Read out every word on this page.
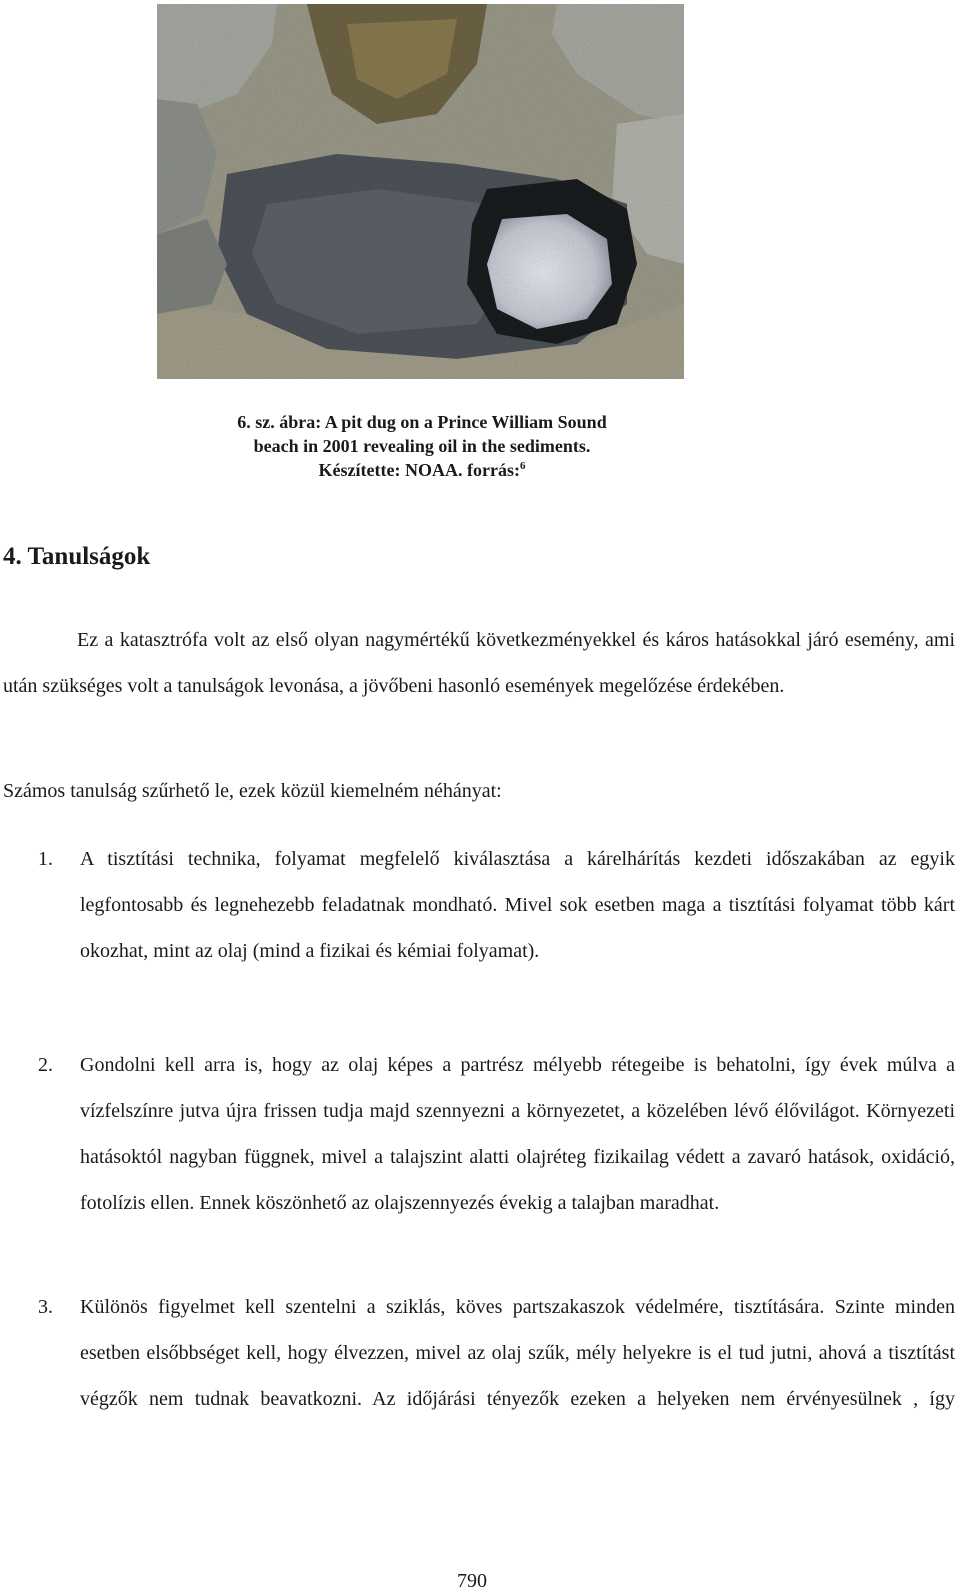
6. sz. ábra: A pit dug on a Prince William Sound
beach in 2001 revealing oil in the sediments.
Készítette: NOAA. forrás:$^6$
4. Tanulságok

Ez a katasztrófa volt az első olyan nagymértékű következményekkel és káros hatásokkal járó esemény, ami után szükséges volt a tanulságok levonása, a jövőbeni hasonló események megelőzése érdekében.

Számos tanulság szűrhető le, ezek közül kiemelném néhányat:

1. A tisztítási technika, folyamat megfelelő kiválasztása a kárelhárítás kezdeti időszakában az egyik legfontosabb és legnehezebb feladatnak mondható. Mivel sok esetben maga a tisztítási folyamat több kárt okozhat, mint az olaj (mind a fizikai és kémiai folyamat).

2. Gondolni kell arra is, hogy az olaj képes a partrész mélyebb rétegeibe is behatolni, így évek múlva a vízfelszínre jutva újra frissen tudja majd szennyezni a környezetet, a közelében lévő élővilágot. Környezeti hatásoktól nagyban függnek, mivel a talajszint alatti olajréteg fizikailag védett a zavaró hatások, oxidáció, fotolízis ellen. Ennek köszönhető az olajszennyezés évekig a talajban maradhat.

3. Különös figyelmet kell szentelni a sziklás, köves partszakaszok védelmére, tisztítására. Szinte minden esetben elsőbbséget kell, hogy élvezzen, mivel az olaj szűk, mély helyekre is el tud jutni, ahová a tisztítást végzők nem tudnak beavatkozni. Az időjárási tényezők ezeken a helyeken nem érvényesülnek , így

790
